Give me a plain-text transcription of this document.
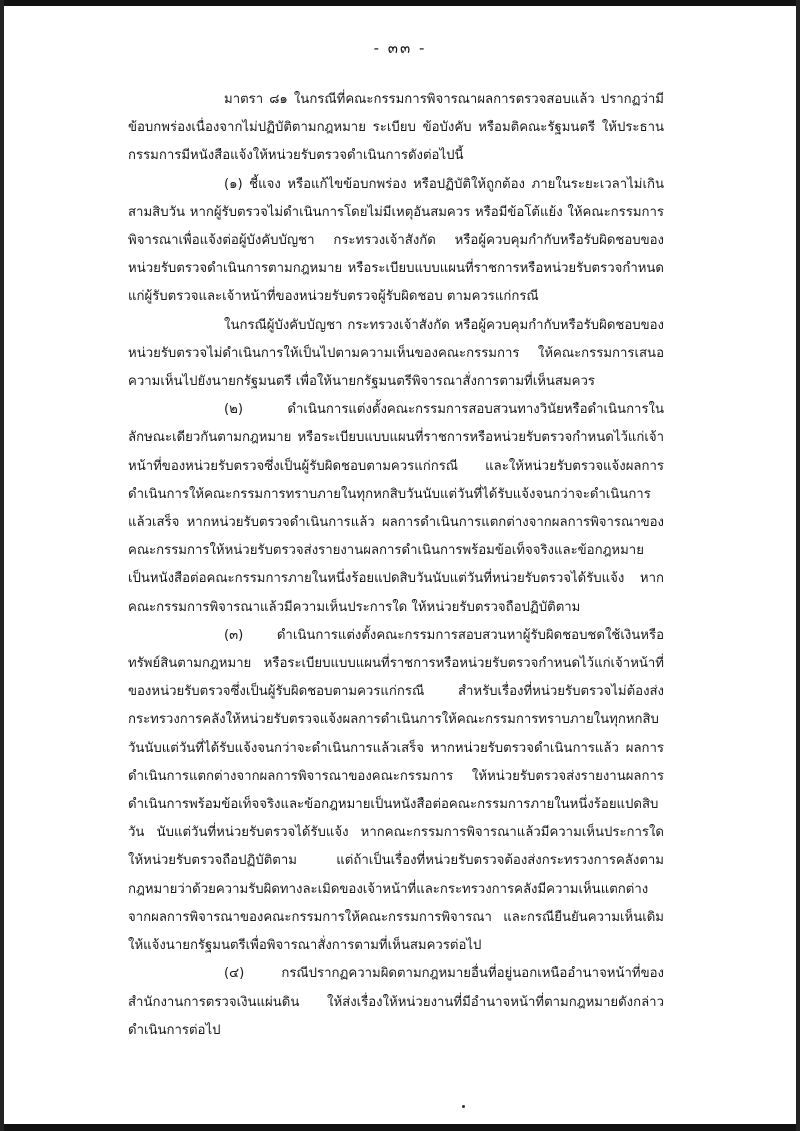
- ๓๓ -

มาตรา ๘๑ ในกรณีที่คณะกรรมการพิจารณาผลการตรวจสอบแล้ว ปรากฏว่ามีข้อบกพร่องเนื่องจากไม่ปฏิบัติตามกฎหมาย ระเบียบ ข้อบังคับ หรือมติคณะรัฐมนตรี ให้ประธานกรรมการมีหนังสือแจ้งให้หน่วยรับตรวจดำเนินการดังต่อไปนี้

(๑) ชี้แจง หรือแก้ไขข้อบกพร่อง หรือปฏิบัติให้ถูกต้อง ภายในระยะเวลาไม่เกินสามสิบวัน หากผู้รับตรวจไม่ดำเนินการโดยไม่มีเหตุอันสมควร หรือมีข้อโต้แย้ง ให้คณะกรรมการพิจารณาเพื่อแจ้งต่อผู้บังคับบัญชา กระทรวงเจ้าสังกัด หรือผู้ควบคุมกำกับหรือรับผิดชอบของหน่วยรับตรวจดำเนินการตามกฎหมาย หรือระเบียบแบบแผนที่ราชการหรือหน่วยรับตรวจกำหนดแก่ผู้รับตรวจและเจ้าหน้าที่ของหน่วยรับตรวจผู้รับผิดชอบ ตามควรแก่กรณี

ในกรณีผู้บังคับบัญชา กระทรวงเจ้าสังกัด หรือผู้ควบคุมกำกับหรือรับผิดชอบของหน่วยรับตรวจไม่ดำเนินการให้เป็นไปตามความเห็นของคณะกรรมการ ให้คณะกรรมการเสนอความเห็นไปยังนายกรัฐมนตรี เพื่อให้นายกรัฐมนตรีพิจารณาสั่งการตามที่เห็นสมควร

(๒) ดำเนินการแต่งตั้งคณะกรรมการสอบสวนทางวินัยหรือดำเนินการในลักษณะเดียวกันตามกฎหมาย หรือระเบียบแบบแผนที่ราชการหรือหน่วยรับตรวจกำหนดไว้แก่เจ้าหน้าที่ของหน่วยรับตรวจซึ่งเป็นผู้รับผิดชอบตามควรแก่กรณี และให้หน่วยรับตรวจแจ้งผลการดำเนินการให้คณะกรรมการทราบภายในทุกหกสิบวันนับแต่วันที่ได้รับแจ้งจนกว่าจะดำเนินการแล้วเสร็จ หากหน่วยรับตรวจดำเนินการแล้ว ผลการดำเนินการแตกต่างจากผลการพิจารณาของคณะกรรมการให้หน่วยรับตรวจส่งรายงานผลการดำเนินการพร้อมข้อเท็จจริงและข้อกฎหมายเป็นหนังสือต่อคณะกรรมการภายในหนึ่งร้อยแปดสิบวันนับแต่วันที่หน่วยรับตรวจได้รับแจ้ง หากคณะกรรมการพิจารณาแล้วมีความเห็นประการใด ให้หน่วยรับตรวจถือปฏิบัติตาม

(๓) ดำเนินการแต่งตั้งคณะกรรมการสอบสวนหาผู้รับผิดชอบชดใช้เงินหรือทรัพย์สินตามกฎหมาย หรือระเบียบแบบแผนที่ราชการหรือหน่วยรับตรวจกำหนดไว้แก่เจ้าหน้าที่ของหน่วยรับตรวจซึ่งเป็นผู้รับผิดชอบตามควรแก่กรณี สำหรับเรื่องที่หน่วยรับตรวจไม่ต้องส่งกระทรวงการคลังให้หน่วยรับตรวจแจ้งผลการดำเนินการให้คณะกรรมการทราบภายในทุกหกสิบวันนับแต่วันที่ได้รับแจ้งจนกว่าจะดำเนินการแล้วเสร็จ หากหน่วยรับตรวจดำเนินการแล้ว ผลการดำเนินการแตกต่างจากผลการพิจารณาของคณะกรรมการ ให้หน่วยรับตรวจส่งรายงานผลการดำเนินการพร้อมข้อเท็จจริงและข้อกฎหมายเป็นหนังสือต่อคณะกรรมการภายในหนึ่งร้อยแปดสิบวัน นับแต่วันที่หน่วยรับตรวจได้รับแจ้ง หากคณะกรรมการพิจารณาแล้วมีความเห็นประการใด ให้หน่วยรับตรวจถือปฏิบัติตาม แต่ถ้าเป็นเรื่องที่หน่วยรับตรวจต้องส่งกระทรวงการคลังตามกฎหมายว่าด้วยความรับผิดทางละเมิดของเจ้าหน้าที่และกระทรวงการคลังมีความเห็นแตกต่างจากผลการพิจารณาของคณะกรรมการให้คณะกรรมการพิจารณา และกรณียืนยันความเห็นเดิมให้แจ้งนายกรัฐมนตรีเพื่อพิจารณาสั่งการตามที่เห็นสมควรต่อไป

(๔) กรณีปรากฏความผิดตามกฎหมายอื่นที่อยู่นอกเหนืออำนาจหน้าที่ของสำนักงานการตรวจเงินแผ่นดิน ให้ส่งเรื่องให้หน่วยงานที่มีอำนาจหน้าที่ตามกฎหมายดังกล่าวดำเนินการต่อไป
